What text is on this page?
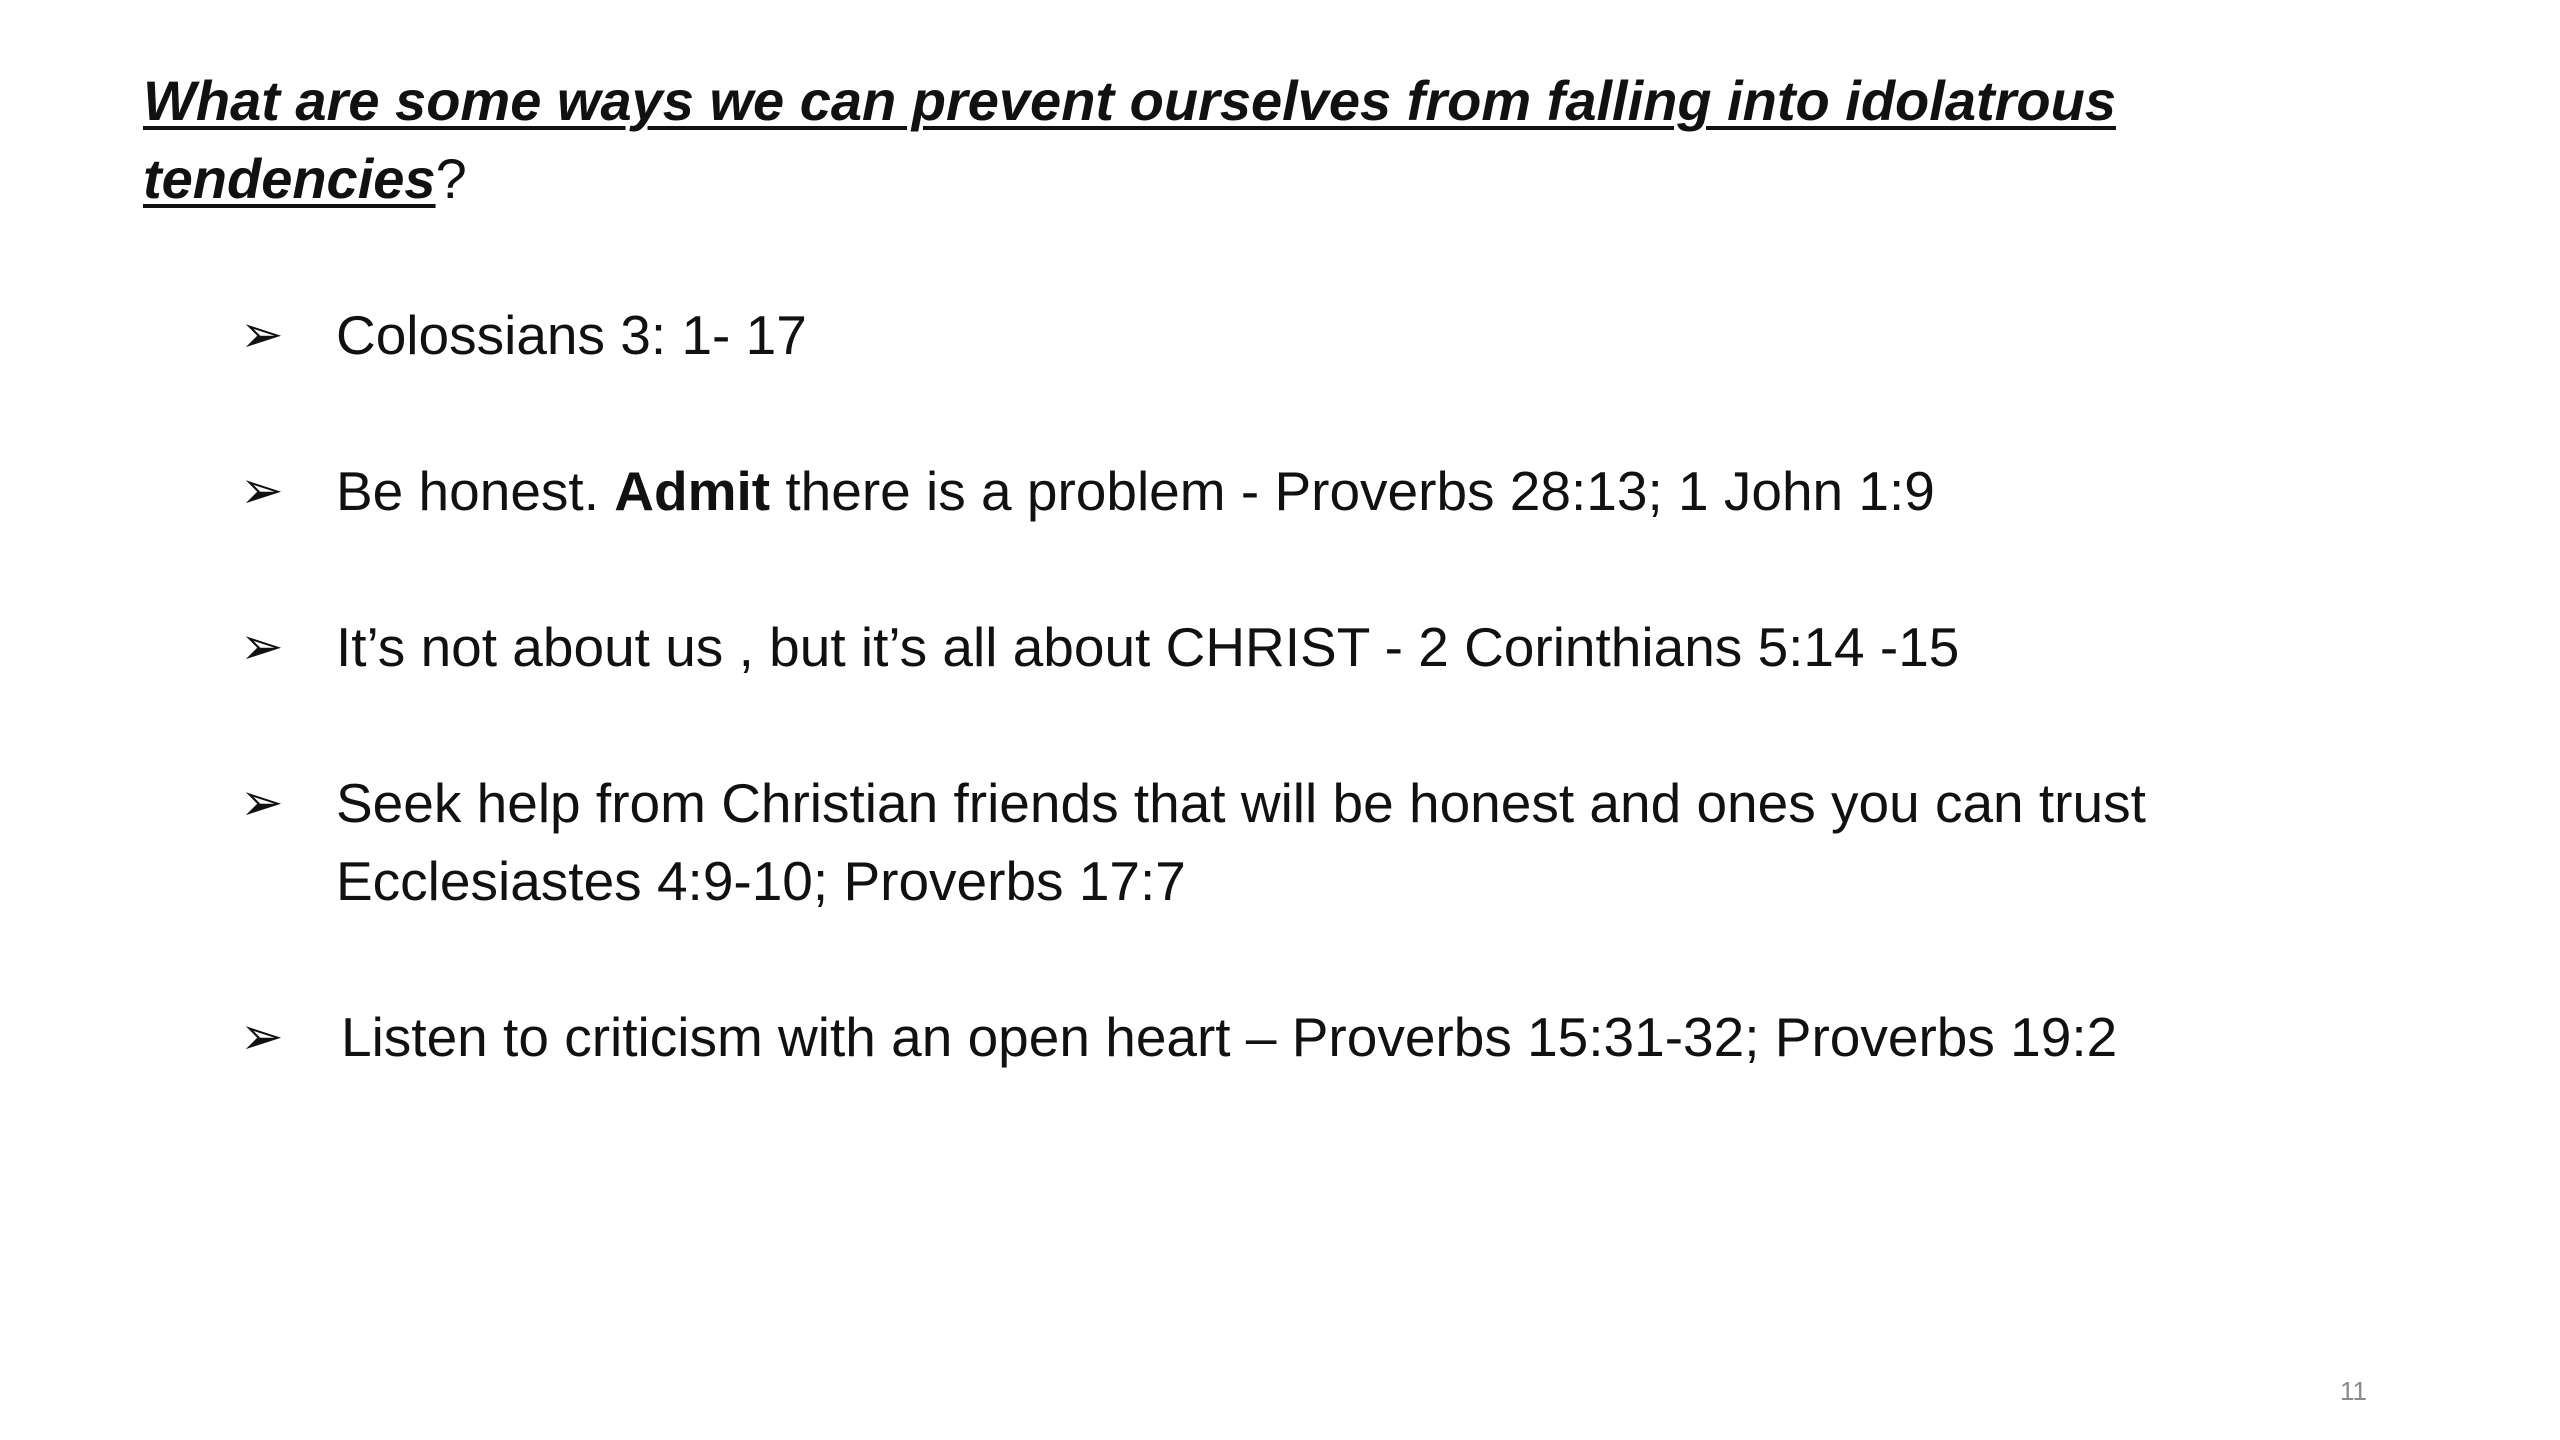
What are some ways we can prevent ourselves from falling into idolatrous tendencies?
➢ Colossians 3: 1- 17
➢ Be honest. Admit there is a problem - Proverbs 28:13; 1 John 1:9
➢ It’s not about us , but it’s all about CHRIST - 2 Corinthians 5:14 -15
➢ Seek help from Christian friends that will be honest and ones you can trust
Ecclesiastes 4:9-10; Proverbs 17:7
➢ Listen to criticism with an open heart – Proverbs 15:31-32; Proverbs 19:2
11
